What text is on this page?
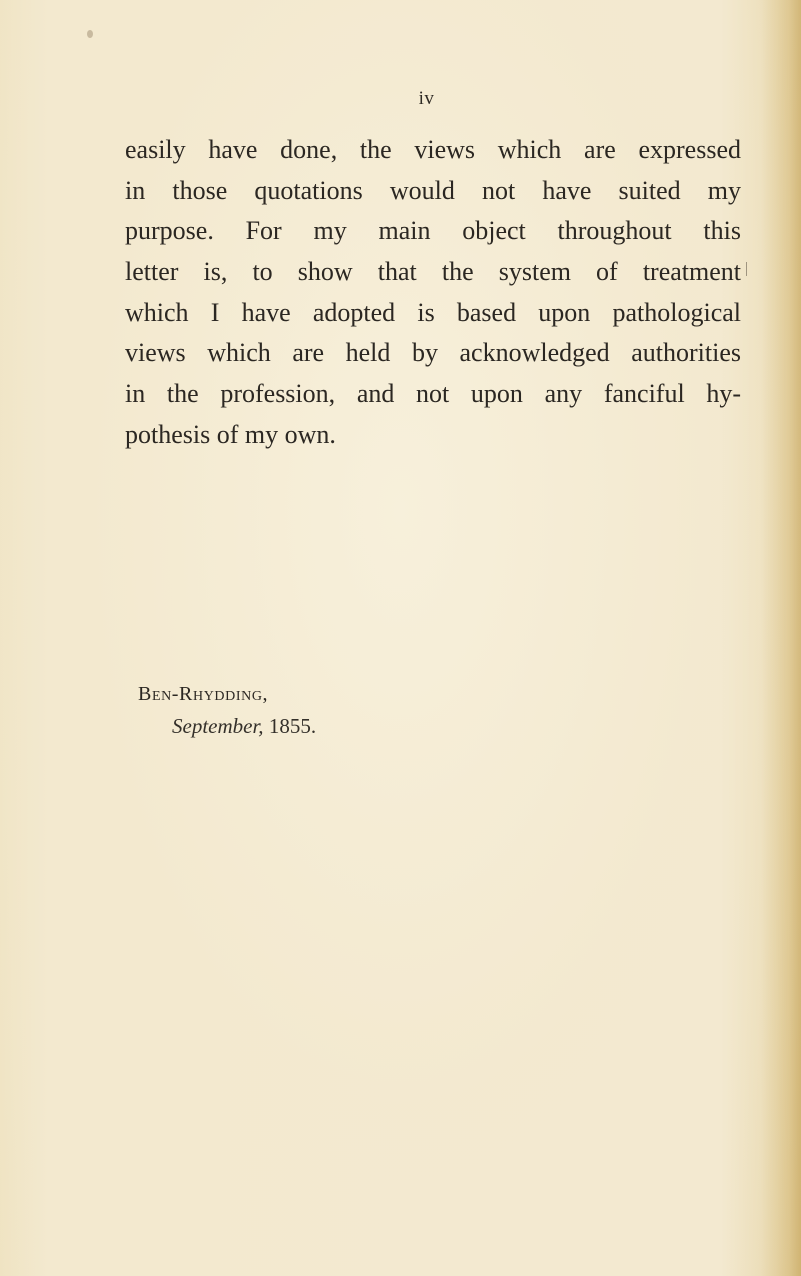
iv
easily have done, the views which are expressed
in those quotations would not have suited my
purpose. For my main object throughout this
letter is, to show that the system of treatment
which I have adopted is based upon pathological
views which are held by acknowledged authorities
in the profession, and not upon any fanciful hy-
pothesis of my own.
Ben-Rhydding,
September, 1855.
